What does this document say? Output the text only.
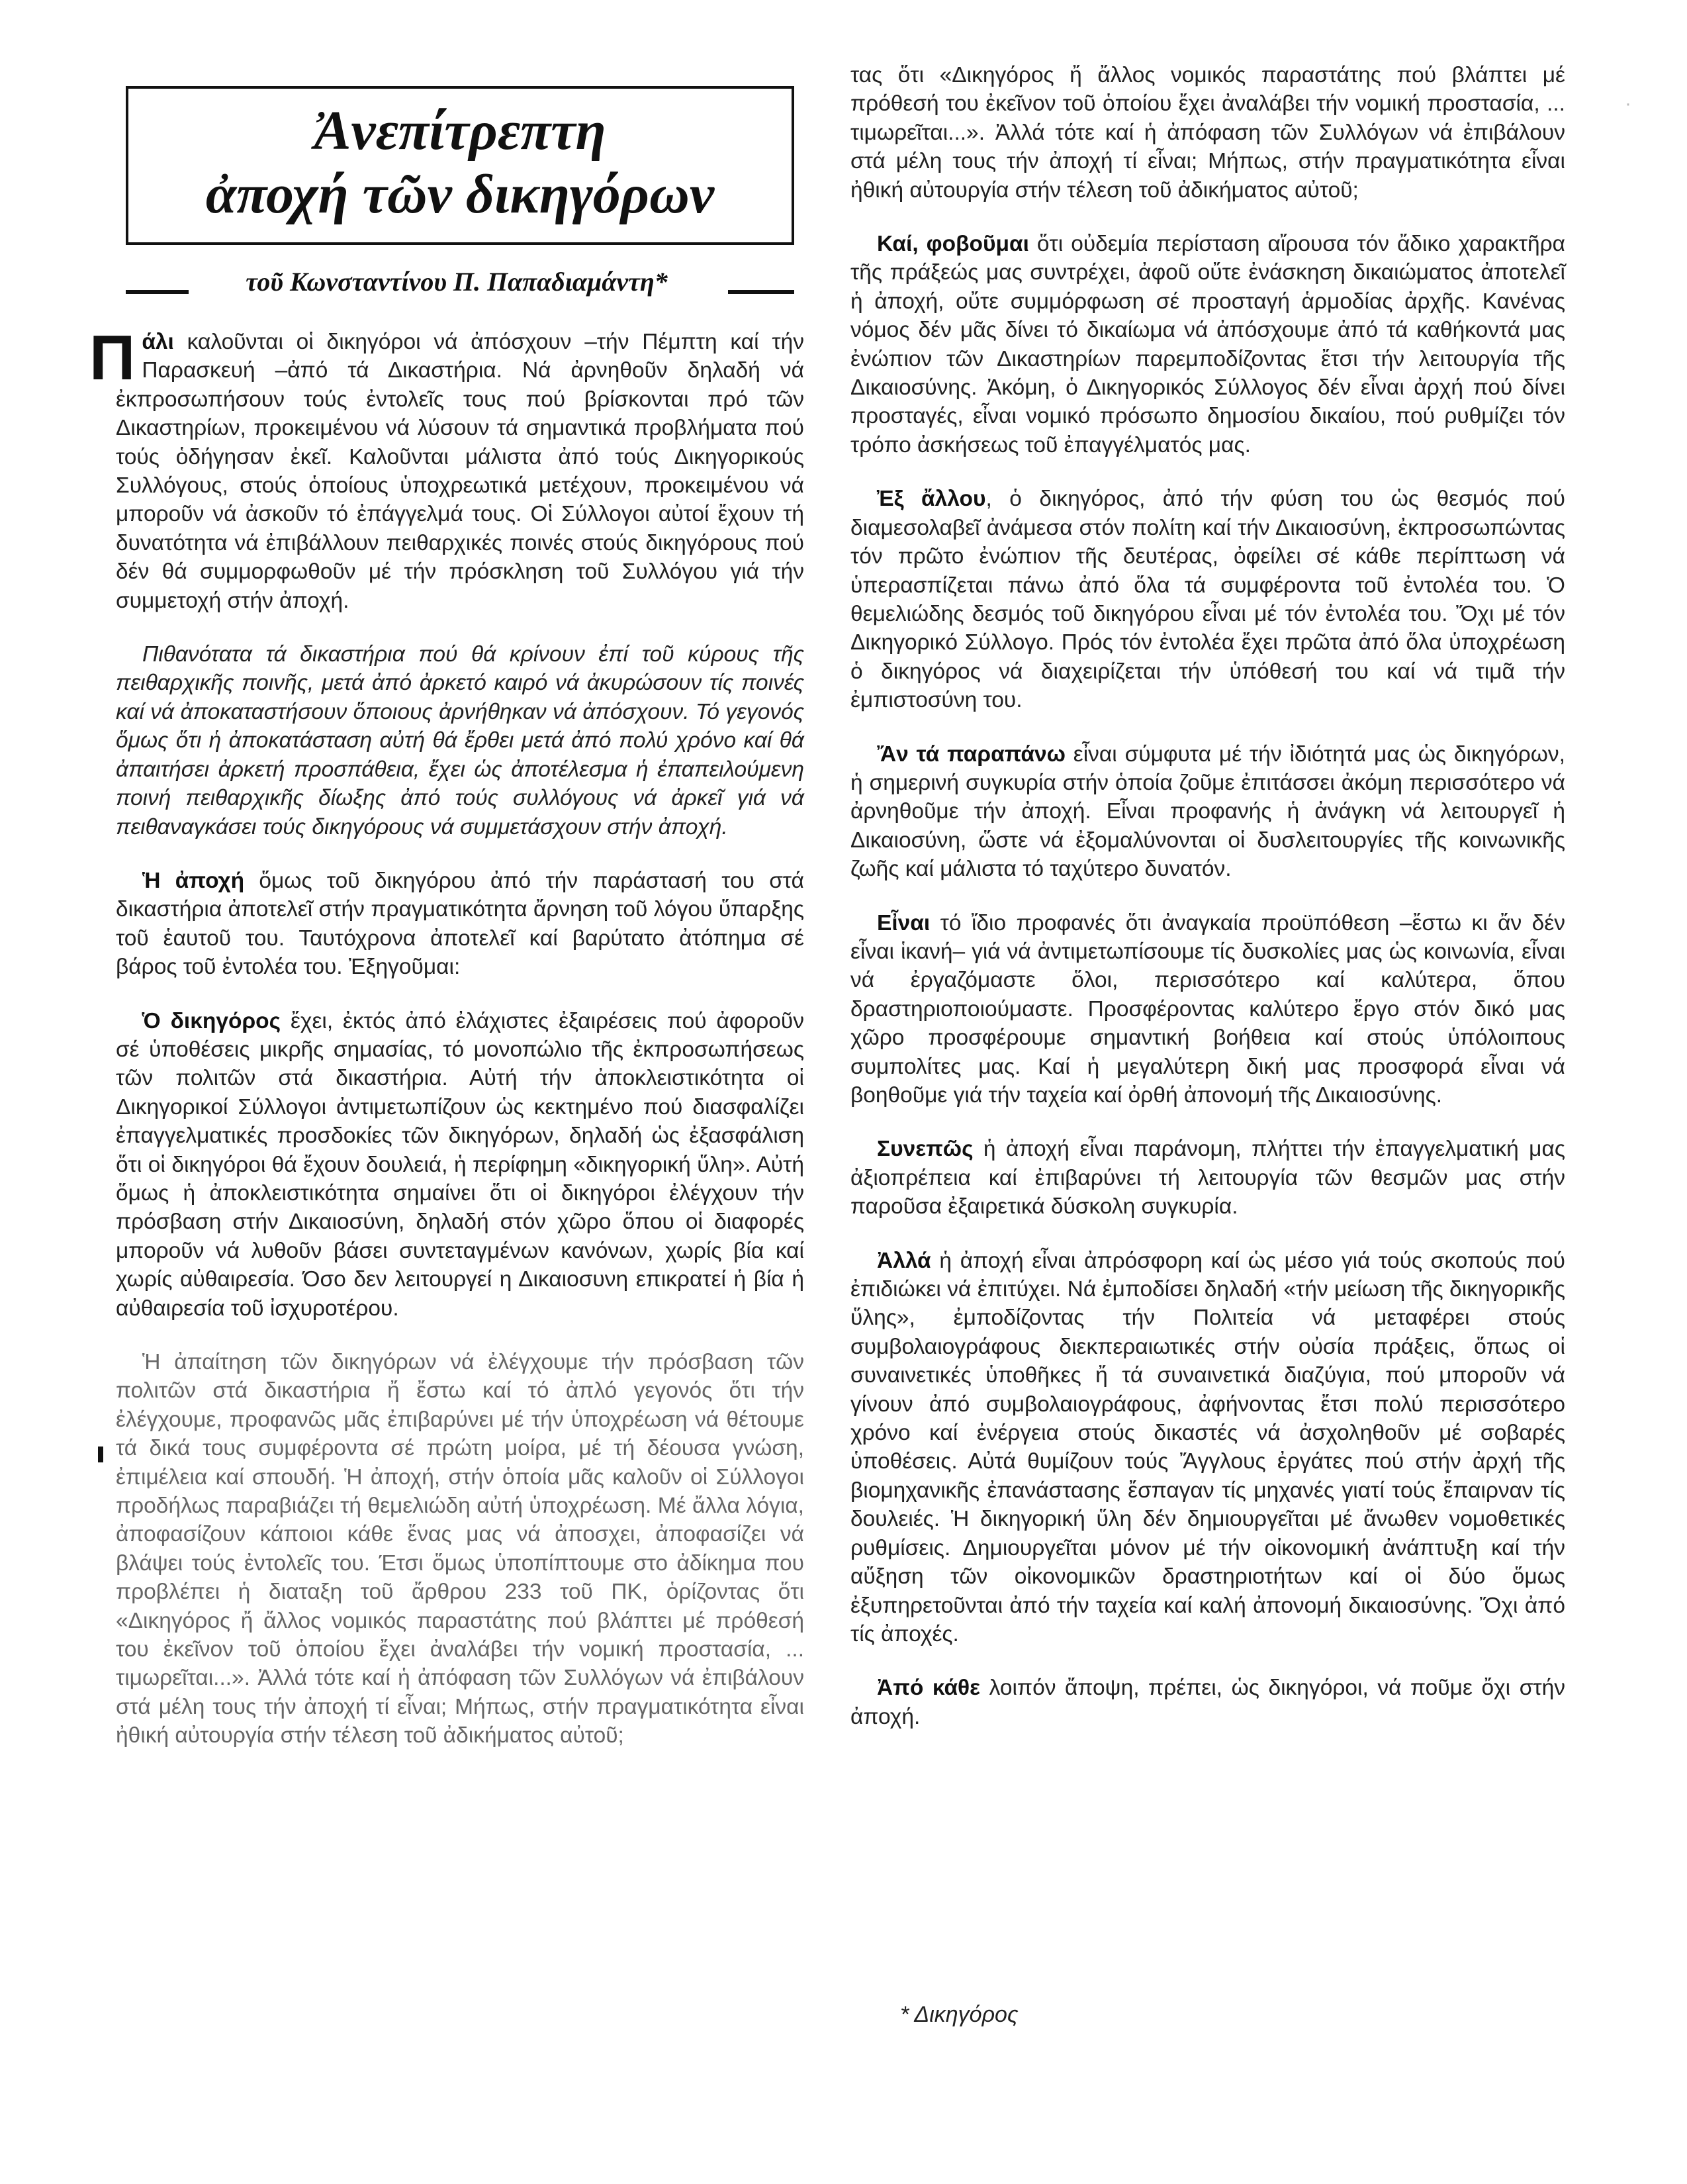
Ἀνεπίτρεπτη
ἀποχή τῶν δικηγόρων
τοῦ Κωνσταντίνου Π. Παπαδιαμάντη*

Πάλι καλοῦνται οἱ δικηγόροι νά ἀπόσχουν –τήν Πέμπτη καί τήν Παρασκευή –ἀπό τά Δικαστήρια. Νά ἀρνηθοῦν δηλαδή νά ἐκπροσωπήσουν τούς ἐντολεῖς τους πού βρίσκονται πρό τῶν Δικαστηρίων, προκειμένου νά λύσουν τά σημαντικά προβλήματα πού τούς ὁδήγησαν ἐκεῖ. Καλοῦνται μάλιστα ἀπό τούς Δικηγορικούς Συλλόγους, στούς ὁποίους ὑποχρεωτικά μετέχουν, προκειμένου νά μποροῦν νά ἀσκοῦν τό ἐπάγγελμά τους. Οἱ Σύλλογοι αὐτοί ἔχουν τή δυνατότητα νά ἐπιβάλλουν πειθαρχικές ποινές στούς δικηγόρους πού δέν θά συμμορφωθοῦν μέ τήν πρόσκληση τοῦ Συλλόγου γιά τήν συμμετοχή στήν ἀποχή.

Πιθανότατα τά δικαστήρια πού θά κρίνουν ἐπί τοῦ κύρους τῆς πειθαρχικῆς ποινῆς, μετά ἀπό ἀρκετό καιρό νά ἀκυρώσουν τίς ποινές καί νά ἀποκαταστήσουν ὅποιους ἀρνήθηκαν νά ἀπόσχουν. Τό γεγονός ὅμως ὅτι ἡ ἀποκατάσταση αὐτή θά ἔρθει μετά ἀπό πολύ χρόνο καί θά ἀπαιτήσει ἀρκετή προσπάθεια, ἔχει ὡς ἀποτέλεσμα ἡ ἐπαπειλούμενη ποινή πειθαρχικῆς δίωξης ἀπό τούς συλλόγους νά ἀρκεῖ γιά νά πειθαναγκάσει τούς δικηγόρους νά συμμετάσχουν στήν ἀποχή.

Ἡ ἀποχή ὅμως τοῦ δικηγόρου ἀπό τήν παράστασή του στά δικαστήρια ἀποτελεῖ στήν πραγματικότητα ἄρνηση τοῦ λόγου ὕπαρξης τοῦ ἑαυτοῦ του. Ταυτόχρονα ἀποτελεῖ καί βαρύτατο ἀτόπημα σέ βάρος τοῦ ἐντολέα του. Ἐξηγοῦμαι:

Ὁ δικηγόρος ἔχει, ἐκτός ἀπό ἐλάχιστες ἐξαιρέσεις πού ἀφοροῦν σέ ὑποθέσεις μικρῆς σημασίας, τό μονοπώλιο τῆς ἐκπροσωπήσεως τῶν πολιτῶν στά δικαστήρια. Αὐτή τήν ἀποκλειστικότητα οἱ Δικηγορικοί Σύλλογοι ἀντιμετωπίζουν ὡς κεκτημένο πού διασφαλίζει ἐπαγγελματικές προσδοκίες τῶν δικηγόρων, δηλαδή ὡς ἐξασφάλιση ὅτι οἱ δικηγόροι θά ἔχουν δουλειά, ἡ περίφημη «δικηγορική ὕλη». Αὐτή ὅμως ἡ ἀποκλειστικότητα σημαίνει ὅτι οἱ δικηγόροι ἐλέγχουν τήν πρόσβαση στήν Δικαιοσύνη, δηλαδή στόν χῶρο ὅπου οἱ διαφορές μποροῦν νά λυθοῦν βάσει συντεταγμένων κανόνων, χωρίς βία καί χωρίς αὐθαιρεσία. Όσο δεν λειτουργεί η Δικαιοσυνη επικρατεί ἡ βία ἡ αὐθαιρεσία τοῦ ἰσχυροτέρου.

Ἡ ἀπαίτηση τῶν δικηγόρων νά ἐλέγχουμε τήν πρόσβαση τῶν πολιτῶν στά δικαστήρια ἤ ἔστω καί τό ἀπλό γεγονός ὅτι τήν ἐλέγχουμε, προφανῶς μᾶς ἐπιβαρύνει μέ τήν ὑποχρέωση νά θέτουμε τά δικά τους συμφέροντα σέ πρώτη μοίρα, μέ τή δέουσα γνώση, ἐπιμέλεια καί σπουδή. Ἡ ἀποχή, στήν ὁποία μᾶς καλοῦν οἱ Σύλλογοι προδήλως παραβιάζει τή θεμελιώδη αὐτή ὑποχρέωση. Μέ ἄλλα λόγια, ἀποφασίζουν κάποιοι κάθε ἕνας μας νά ἀποσχει, ἀποφασίζει νά βλάψει τούς ἐντολεῖς του. Έτσι ὅμως ὑποπίπτουμε στο ἀδίκημα που προβλέπει ἡ διαταξη τοῦ ἄρθρου 233 τοῦ ΠΚ, ὁρίζοντας ὅτι «Δικηγόρος ἤ ἄλλος νομικός παραστάτης πού βλάπτει μέ πρόθεσή του ἐκεῖνον τοῦ ὁποίου ἔχει ἀναλάβει τήν νομική προστασία, ... τιμωρεῖται...». Ἀλλά τότε καί ἡ ἀπόφαση τῶν Συλλόγων νά ἐπιβάλουν στά μέλη τους τήν ἀποχή τί εἶναι; Μήπως, στήν πραγματικότητα εἶναι ἠθική αὐτουργία στήν τέλεση τοῦ ἀδικήματος αὐτοῦ;

τας ὅτι «Δικηγόρος ἤ ἄλλος νομικός παραστάτης πού βλάπτει μέ πρόθεσή του ἐκεῖνον τοῦ ὁποίου ἔχει ἀναλάβει τήν νομική προστασία, ... τιμωρεῖται...». Ἀλλά τότε καί ἡ ἀπόφαση τῶν Συλλόγων νά ἐπιβάλουν στά μέλη τους τήν ἀποχή τί εἶναι; Μήπως, στήν πραγματικότητα εἶναι ἠθική αὐτουργία στήν τέλεση τοῦ ἀδικήματος αὐτοῦ;

Καί, φοβοῦμαι ὅτι οὐδεμία περίσταση αἴρουσα τόν ἄδικο χαρακτῆρα τῆς πράξεώς μας συντρέχει, ἀφοῦ οὔτε ἐνάσκηση δικαιώματος ἀποτελεῖ ἡ ἀποχή, οὔτε συμμόρφωση σέ προσταγή ἁρμοδίας ἀρχῆς. Κανένας νόμος δέν μᾶς δίνει τό δικαίωμα νά ἀπόσχουμε ἀπό τά καθήκοντά μας ἐνώπιον τῶν Δικαστηρίων παρεμποδίζοντας ἔτσι τήν λειτουργία τῆς Δικαιοσύνης. Ἀκόμη, ὁ Δικηγορικός Σύλλογος δέν εἶναι ἀρχή πού δίνει προσταγές, εἶναι νομικό πρόσωπο δημοσίου δικαίου, πού ρυθμίζει τόν τρόπο ἀσκήσεως τοῦ ἐπαγγέλματός μας.

Ἐξ ἄλλου, ὁ δικηγόρος, ἀπό τήν φύση του ὡς θεσμός πού διαμεσολαβεῖ ἀνάμεσα στόν πολίτη καί τήν Δικαιοσύνη, ἐκπροσωπώντας τόν πρῶτο ἐνώπιον τῆς δευτέρας, ὀφείλει σέ κάθε περίπτωση νά ὑπερασπίζεται πάνω ἀπό ὅλα τά συμφέροντα τοῦ ἐντολέα του. Ὁ θεμελιώδης δεσμός τοῦ δικηγόρου εἶναι μέ τόν ἐντολέα του. Ὄχι μέ τόν Δικηγορικό Σύλλογο. Πρός τόν ἐντολέα ἔχει πρῶτα ἀπό ὅλα ὑποχρέωση ὁ δικηγόρος νά διαχειρίζεται τήν ὑπόθεσή του καί νά τιμᾶ τήν ἐμπιστοσύνη του.

Ἄν τά παραπάνω εἶναι σύμφυτα μέ τήν ἰδιότητά μας ὡς δικηγόρων, ἡ σημερινή συγκυρία στήν ὁποία ζοῦμε ἐπιτάσσει ἀκόμη περισσότερο νά ἀρνηθοῦμε τήν ἀποχή. Εἶναι προφανής ἡ ἀνάγκη νά λειτουργεῖ ἡ Δικαιοσύνη, ὥστε νά ἐξομαλύνονται οἱ δυσλειτουργίες τῆς κοινωνικῆς ζωῆς καί μάλιστα τό ταχύτερο δυνατόν.

Εἶναι τό ἴδιο προφανές ὅτι ἀναγκαία προϋπόθεση –ἔστω κι ἄν δέν εἶναι ἱκανή– γιά νά ἀντιμετωπίσουμε τίς δυσκολίες μας ὡς κοινωνία, εἶναι νά ἐργαζόμαστε ὅλοι, περισσότερο καί καλύτερα, ὅπου δραστηριοποιούμαστε. Προσφέροντας καλύτερο ἔργο στόν δικό μας χῶρο προσφέρουμε σημαντική βοήθεια καί στούς ὑπόλοιπους συμπολίτες μας. Καί ἡ μεγαλύτερη δική μας προσφορά εἶναι νά βοηθοῦμε γιά τήν ταχεία καί ὀρθή ἀπονομή τῆς Δικαιοσύνης.

Συνεπῶς ἡ ἀποχή εἶναι παράνομη, πλήττει τήν ἐπαγγελματική μας ἀξιοπρέπεια καί ἐπιβαρύνει τή λειτουργία τῶν θεσμῶν μας στήν παροῦσα ἐξαιρετικά δύσκολη συγκυρία.

Ἀλλά ἡ ἀποχή εἶναι ἀπρόσφορη καί ὡς μέσο γιά τούς σκοπούς πού ἐπιδιώκει νά ἐπιτύχει. Νά ἐμποδίσει δηλαδή «τήν μείωση τῆς δικηγορικῆς ὕλης», ἐμποδίζοντας τήν Πολιτεία νά μεταφέρει στούς συμβολαιογράφους διεκπεραιωτικές στήν οὐσία πράξεις, ὅπως οἱ συναινετικές ὑποθῆκες ἤ τά συναινετικά διαζύγια, πού μποροῦν νά γίνουν ἀπό συμβολαιογράφους, ἀφήνοντας ἔτσι πολύ περισσότερο χρόνο καί ἐνέργεια στούς δικαστές νά ἀσχοληθοῦν μέ σοβαρές ὑποθέσεις. Αὐτά θυμίζουν τούς Ἄγγλους ἐργάτες πού στήν ἀρχή τῆς βιομηχανικῆς ἐπανάστασης ἔσπαγαν τίς μηχανές γιατί τούς ἔπαιρναν τίς δουλειές. Ἡ δικηγορική ὕλη δέν δημιουργεῖται μέ ἄνωθεν νομοθετικές ρυθμίσεις. Δημιουργεῖται μόνον μέ τήν οἰκονομική ἀνάπτυξη καί τήν αὔξηση τῶν οἰκονομικῶν δραστηριοτήτων καί οἱ δύο ὅμως ἐξυπηρετοῦνται ἀπό τήν ταχεία καί καλή ἀπονομή δικαιοσύνης. Ὄχι ἀπό τίς ἀποχές.

Ἀπό κάθε λοιπόν ἄποψη, πρέπει, ὡς δικηγόροι, νά ποῦμε ὄχι στήν ἀποχή.

* Δικηγόρος
·
